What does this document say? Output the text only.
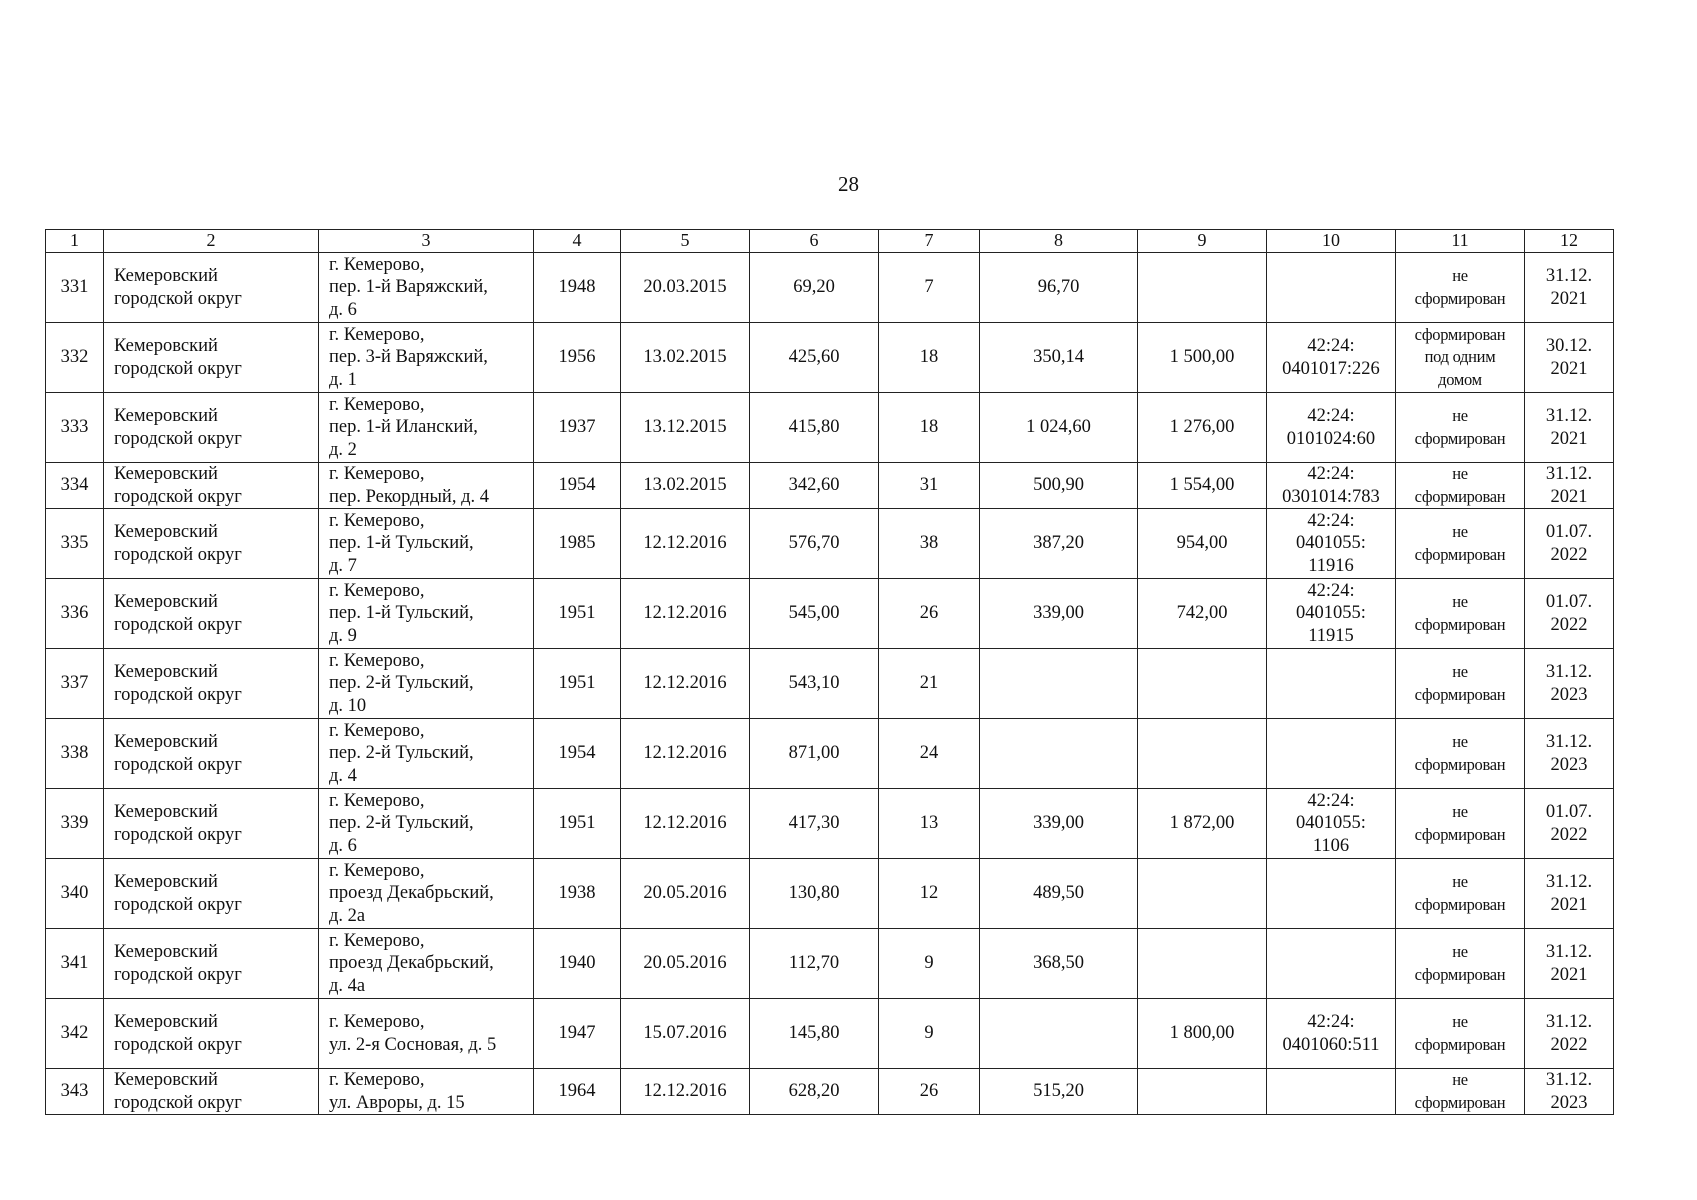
28
1	2	3	4	5	6	7	8	9	10	11	12
331	Кемеровский
городской округ	г. Кемерово,
пер. 1-й Варяжский,
д. 6	1948	20.03.2015	69,20	7	96,70			не
сформирован	31.12.
2021

332	Кемеровский
городской округ	г. Кемерово,
пер. 3-й Варяжский,
д. 1	1956	13.02.2015	425,60	18	350,14	1 500,00	42:24:
0401017:226	сформирован
под одним
домом	30.12.
2021

333	Кемеровский
городской округ	г. Кемерово,
пер. 1-й Иланский,
д. 2	1937	13.12.2015	415,80	18	1 024,60	1 276,00	42:24:
0101024:60	не
сформирован	31.12.
2021

334	Кемеровский
городской округ	г. Кемерово,
пер. Рекордный, д. 4	1954	13.02.2015	342,60	31	500,90	1 554,00	42:24:
0301014:783	не
сформирован	31.12.
2021

335	Кемеровский
городской округ	г. Кемерово,
пер. 1-й Тульский,
д. 7	1985	12.12.2016	576,70	38	387,20	954,00	42:24:
0401055:
11916	не
сформирован	01.07.
2022

336	Кемеровский
городской округ	г. Кемерово,
пер. 1-й Тульский,
д. 9	1951	12.12.2016	545,00	26	339,00	742,00	42:24:
0401055:
11915	не
сформирован	01.07.
2022

337	Кемеровский
городской округ	г. Кемерово,
пер. 2-й Тульский,
д. 10	1951	12.12.2016	543,10	21				не
сформирован	31.12.
2023

338	Кемеровский
городской округ	г. Кемерово,
пер. 2-й Тульский,
д. 4	1954	12.12.2016	871,00	24				не
сформирован	31.12.
2023

339	Кемеровский
городской округ	г. Кемерово,
пер. 2-й Тульский,
д. 6	1951	12.12.2016	417,30	13	339,00	1 872,00	42:24:
0401055:
1106	не
сформирован	01.07.
2022

340	Кемеровский
городской округ	г. Кемерово,
проезд Декабрьский,
д. 2а	1938	20.05.2016	130,80	12	489,50			не
сформирован	31.12.
2021

341	Кемеровский
городской округ	г. Кемерово,
проезд Декабрьский,
д. 4а	1940	20.05.2016	112,70	9	368,50			не
сформирован	31.12.
2021

342	Кемеровский
городской округ	г. Кемерово,
ул. 2-я Сосновая, д. 5	1947	15.07.2016	145,80	9		1 800,00	42:24:
0401060:511	не
сформирован	31.12.
2022

343	Кемеровский
городской округ	г. Кемерово,
ул. Авроры, д. 15	1964	12.12.2016	628,20	26	515,20			не
сформирован	31.12.
2023
